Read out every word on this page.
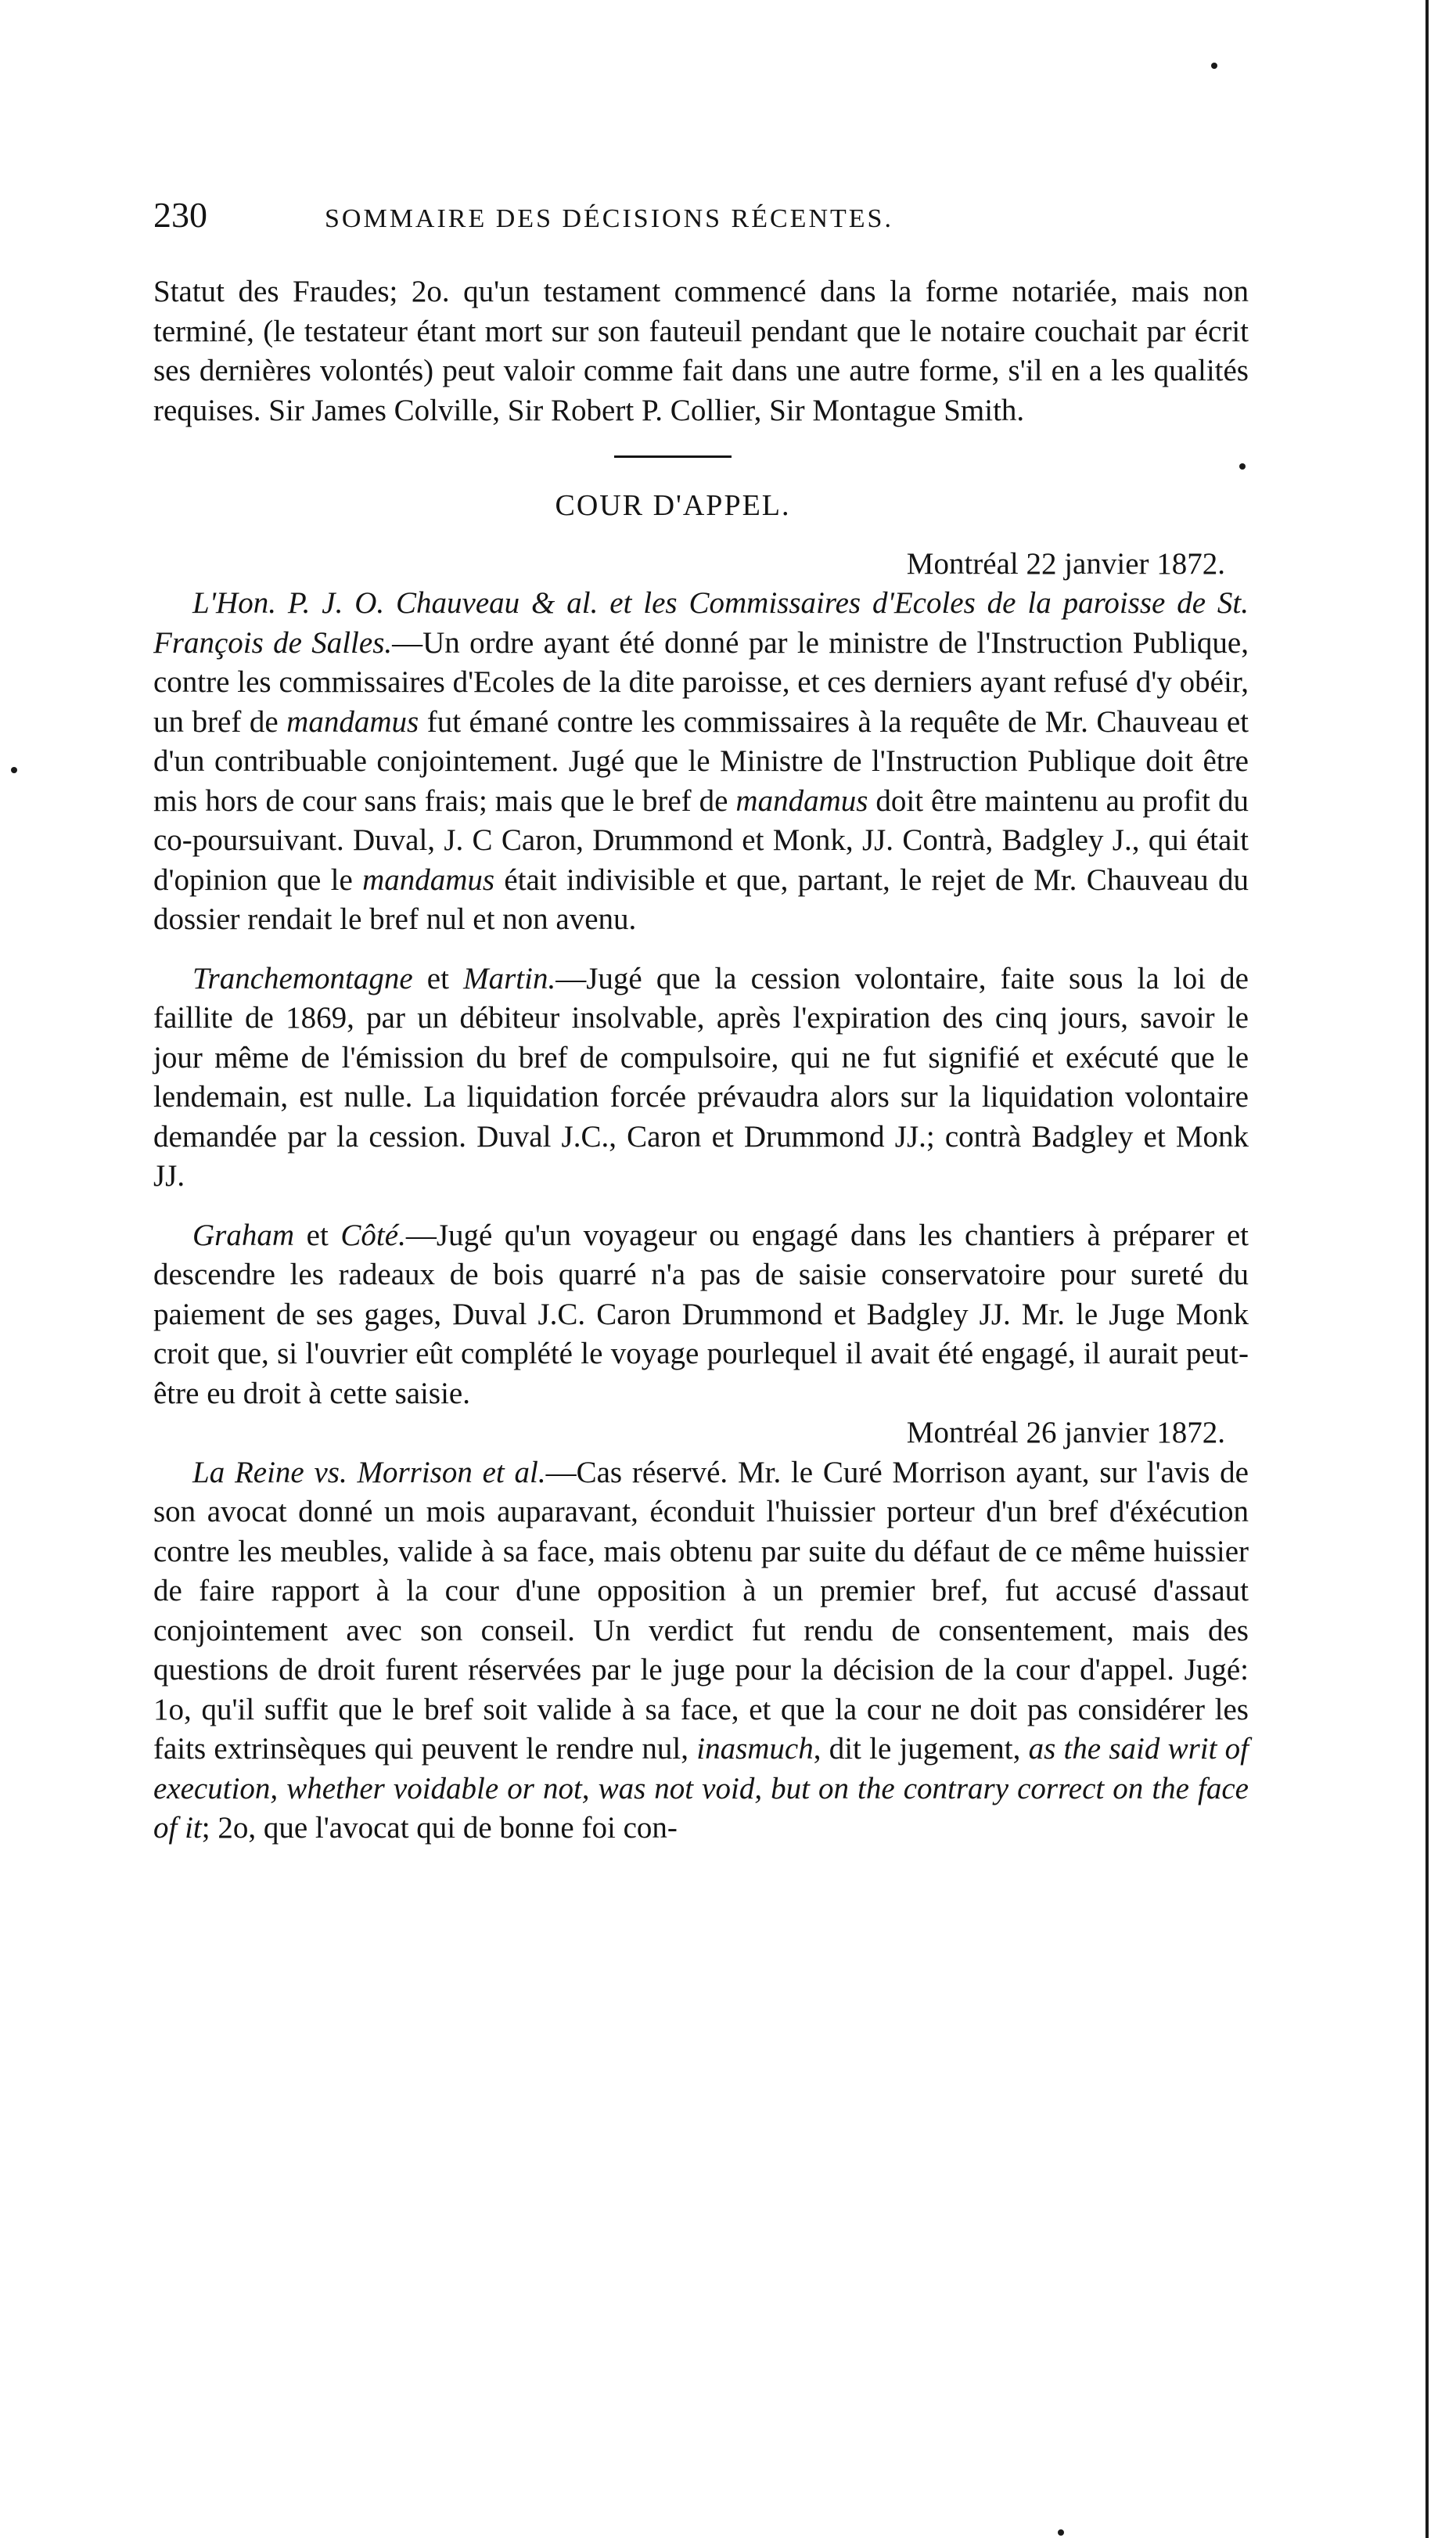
230	SOMMAIRE DES DÉCISIONS RÉCENTES.

Statut des Fraudes; 2o. qu'un testament commencé dans la forme notariée, mais non terminé, (le testateur étant mort sur son fauteuil pendant que le notaire couchait par écrit ses dernières volontés) peut valoir comme fait dans une autre forme, s'il en a les qualités requises. Sir James Colville, Sir Robert P. Collier, Sir Montague Smith.

COUR D'APPEL.

Montréal 22 janvier 1872.

L'Hon. P. J. O. Chauveau & al. et les Commissaires d'Ecoles de la paroisse de St. François de Salles.—Un ordre ayant été donné par le ministre de l'Instruction Publique, contre les commissaires d'Ecoles de la dite paroisse, et ces derniers ayant refusé d'y obéir, un bref de mandamus fut émané contre les commissaires à la requête de Mr. Chauveau et d'un contribuable conjointement. Jugé que le Ministre de l'Instruction Publique doit être mis hors de cour sans frais; mais que le bref de mandamus doit être maintenu au profit du co-poursuivant. Duval, J. C Caron, Drummond et Monk, JJ. Contrà, Badgley J., qui était d'opinion que le mandamus était indivisible et que, partant, le rejet de Mr. Chauveau du dossier rendait le bref nul et non avenu.

Tranchemontagne et Martin.—Jugé que la cession volontaire, faite sous la loi de faillite de 1869, par un débiteur insolvable, après l'expiration des cinq jours, savoir le jour même de l'émission du bref de compulsoire, qui ne fut signifié et exécuté que le lendemain, est nulle. La liquidation forcée prévaudra alors sur la liquidation volontaire demandée par la cession. Duval J.C., Caron et Drummond JJ.; contrà Badgley et Monk JJ.

Graham et Côté.—Jugé qu'un voyageur ou engagé dans les chantiers à préparer et descendre les radeaux de bois quarré n'a pas de saisie conservatoire pour sureté du paiement de ses gages, Duval J.C. Caron Drummond et Badgley JJ. Mr. le Juge Monk croit que, si l'ouvrier eût complété le voyage pourlequel il avait été engagé, il aurait peut-être eu droit à cette saisie.

Montréal 26 janvier 1872.

La Reine vs. Morrison et al.—Cas réservé. Mr. le Curé Morrison ayant, sur l'avis de son avocat donné un mois auparavant, éconduit l'huissier porteur d'un bref d'éxécution contre les meubles, valide à sa face, mais obtenu par suite du défaut de ce même huissier de faire rapport à la cour d'une opposition à un premier bref, fut accusé d'assaut conjointement avec son conseil. Un verdict fut rendu de consentement, mais des questions de droit furent réservées par le juge pour la décision de la cour d'appel. Jugé: 1o, qu'il suffit que le bref soit valide à sa face, et que la cour ne doit pas considérer les faits extrinsèques qui peuvent le rendre nul, inasmuch, dit le jugement, as the said writ of execution, whether voidable or not, was not void, but on the contrary correct on the face of it; 2o, que l'avocat qui de bonne foi con-
